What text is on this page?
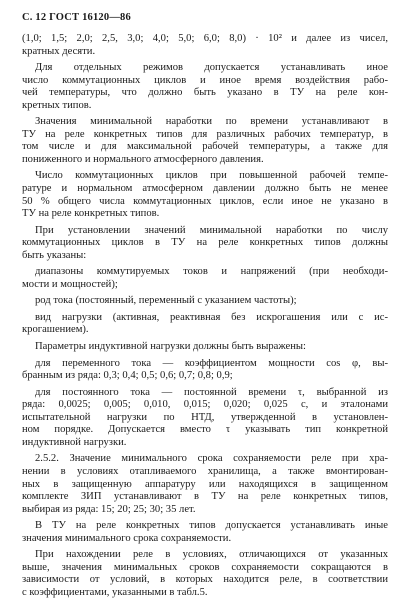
С. 12 ГОСТ 16120—86
(1,0; 1,5; 2,0; 2,5, 3,0; 4,0; 5,0; 6,0; 8,0) · 10² и далее из чисел,
кратных десяти.
Для отдельных режимов допускается устанавливать иное
число коммутационных циклов и иное время воздействия рабо-
чей температуры, что должно быть указано в ТУ на реле кон-
кретных типов.
Значения минимальной наработки по времени устанавливают в
ТУ на реле конкретных типов для различных рабочих температур, в
том числе и для максимальной рабочей температуры, а также для
пониженного и нормального атмосферного давления.
Число коммутационных циклов при повышенной рабочей темпе-
ратуре и нормальном атмосферном давлении должно быть не менее
50 % общего числа коммутационных циклов, если иное не указано в
ТУ на реле конкретных типов.
При установлении значений минимальной наработки по числу
коммутационных циклов в ТУ на реле конкретных типов должны
быть указаны:
диапазоны коммутируемых токов и напряжений (при необходи-
мости и мощностей);
род тока (постоянный, переменный с указанием частоты);
вид нагрузки (активная, реактивная без искрогашения или с ис-
крогашением).
Параметры индуктивной нагрузки должны быть выражены:
для переменного тока — коэффициентом мощности cos φ, вы-
бранным из ряда: 0,3; 0,4; 0,5; 0,6; 0,7; 0,8; 0,9;
для постоянного тока — постоянной времени τ, выбранной из
ряда: 0,0025; 0,005; 0,010, 0,015; 0,020; 0,025 с, и эталонами
испытательной нагрузки по НТД, утвержденной в установлен-
ном порядке. Допускается вместо τ указывать тип конкретной
индуктивной нагрузки.
2.5.2. Значение минимального срока сохраняемости реле при хра-
нении в условиях отапливаемого хранилища, а также вмонтирован-
ных в защищенную аппаратуру или находящихся в защищенном
комплекте ЗИП устанавливают в ТУ на реле конкретных типов,
выбирая из ряда: 15; 20; 25; 30; 35 лет.
В ТУ на реле конкретных типов допускается устанавливать иные
значения минимального срока сохраняемости.
При нахождении реле в условиях, отличающихся от указанных
выше, значения минимальных сроков сохраняемости сокращаются в
зависимости от условий, в которых находится реле, в соответствии
с коэффициентами, указанными в табл.5.
